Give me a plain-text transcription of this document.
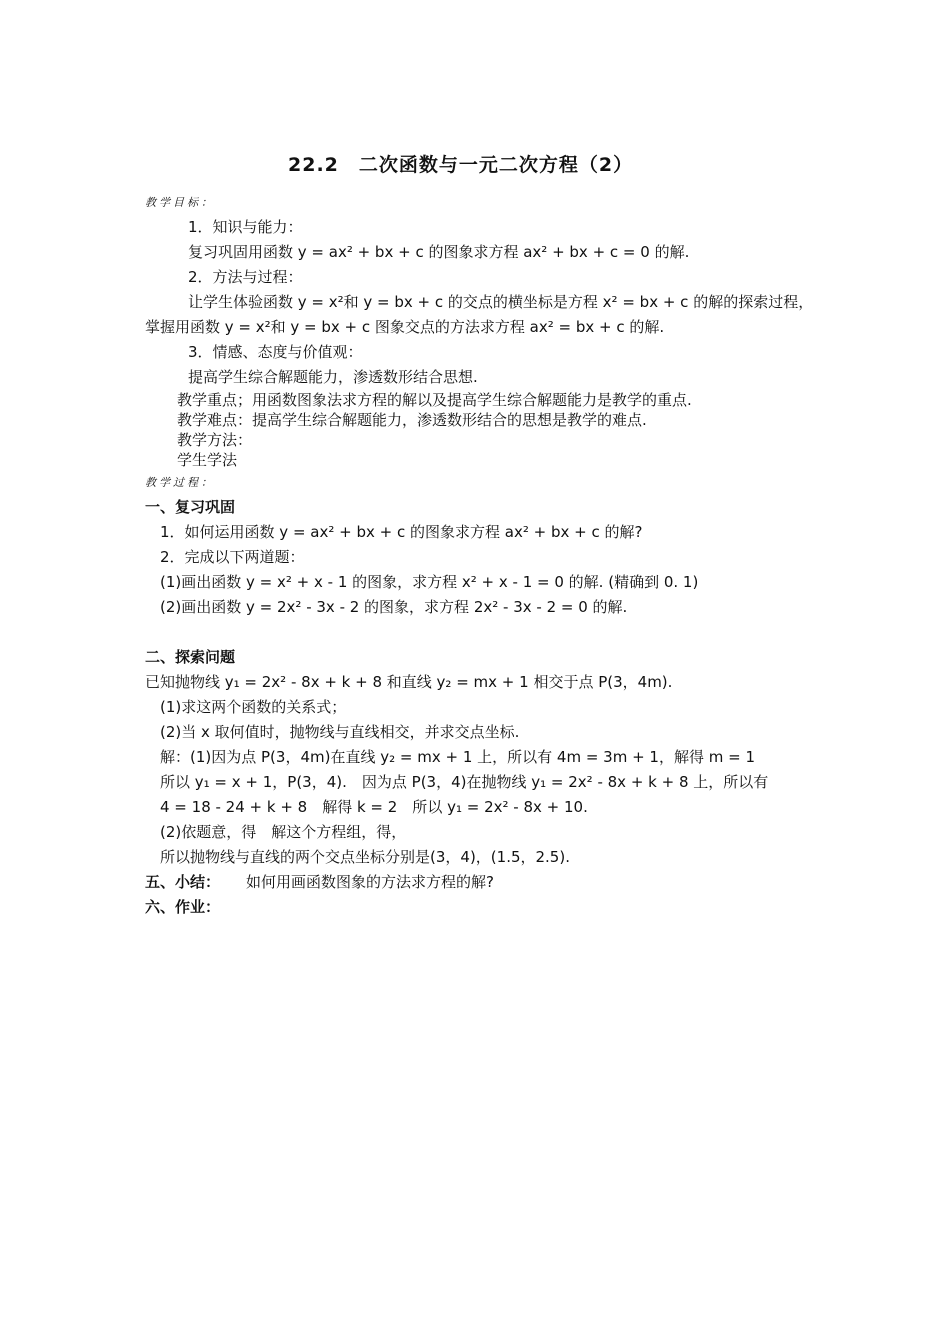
22.2　二次函数与一元二次方程（2）
教学目标：
1．知识与能力：
复习巩固用函数 y = ax² + bx + c 的图象求方程 ax² + bx + c = 0 的解.
2．方法与过程：
让学生体验函数 y = x²和 y = bx + c 的交点的横坐标是方程 x² = bx + c 的解的探索过程，
掌握用函数 y = x²和 y = bx + c 图象交点的方法求方程 ax² = bx + c 的解.
3．情感、态度与价值观：
提高学生综合解题能力，渗透数形结合思想.
教学重点；用函数图象法求方程的解以及提高学生综合解题能力是教学的重点.
教学难点：提高学生综合解题能力，渗透数形结合的思想是教学的难点.
教学方法：
学生学法
教学过程：
一、复习巩固
1．如何运用函数 y = ax² + bx + c 的图象求方程 ax² + bx + c 的解?
2．完成以下两道题：
(1)画出函数 y = x² + x - 1 的图象，求方程 x² + x - 1 = 0 的解. (精确到 0. 1)
(2)画出函数 y = 2x² - 3x - 2 的图象，求方程 2x² - 3x - 2 = 0 的解.
二、探索问题
已知抛物线 y₁ = 2x² - 8x + k + 8 和直线 y₂ = mx + 1 相交于点 P(3，4m).
(1)求这两个函数的关系式；
(2)当 x 取何值时，抛物线与直线相交，并求交点坐标.
解：(1)因为点 P(3，4m)在直线 y₂ = mx + 1 上，所以有 4m = 3m + 1，解得 m = 1
所以 y₁ = x + 1，P(3，4).　因为点 P(3，4)在抛物线 y₁ = 2x² - 8x + k + 8 上，所以有
4 = 18 - 24 + k + 8　解得 k = 2　所以 y₁ = 2x² - 8x + 10.
(2)依题意，得　解这个方程组，得，
所以抛物线与直线的两个交点坐标分别是(3，4)，(1.5，2.5).
五、小结： 如何用画函数图象的方法求方程的解?
六、作业：
